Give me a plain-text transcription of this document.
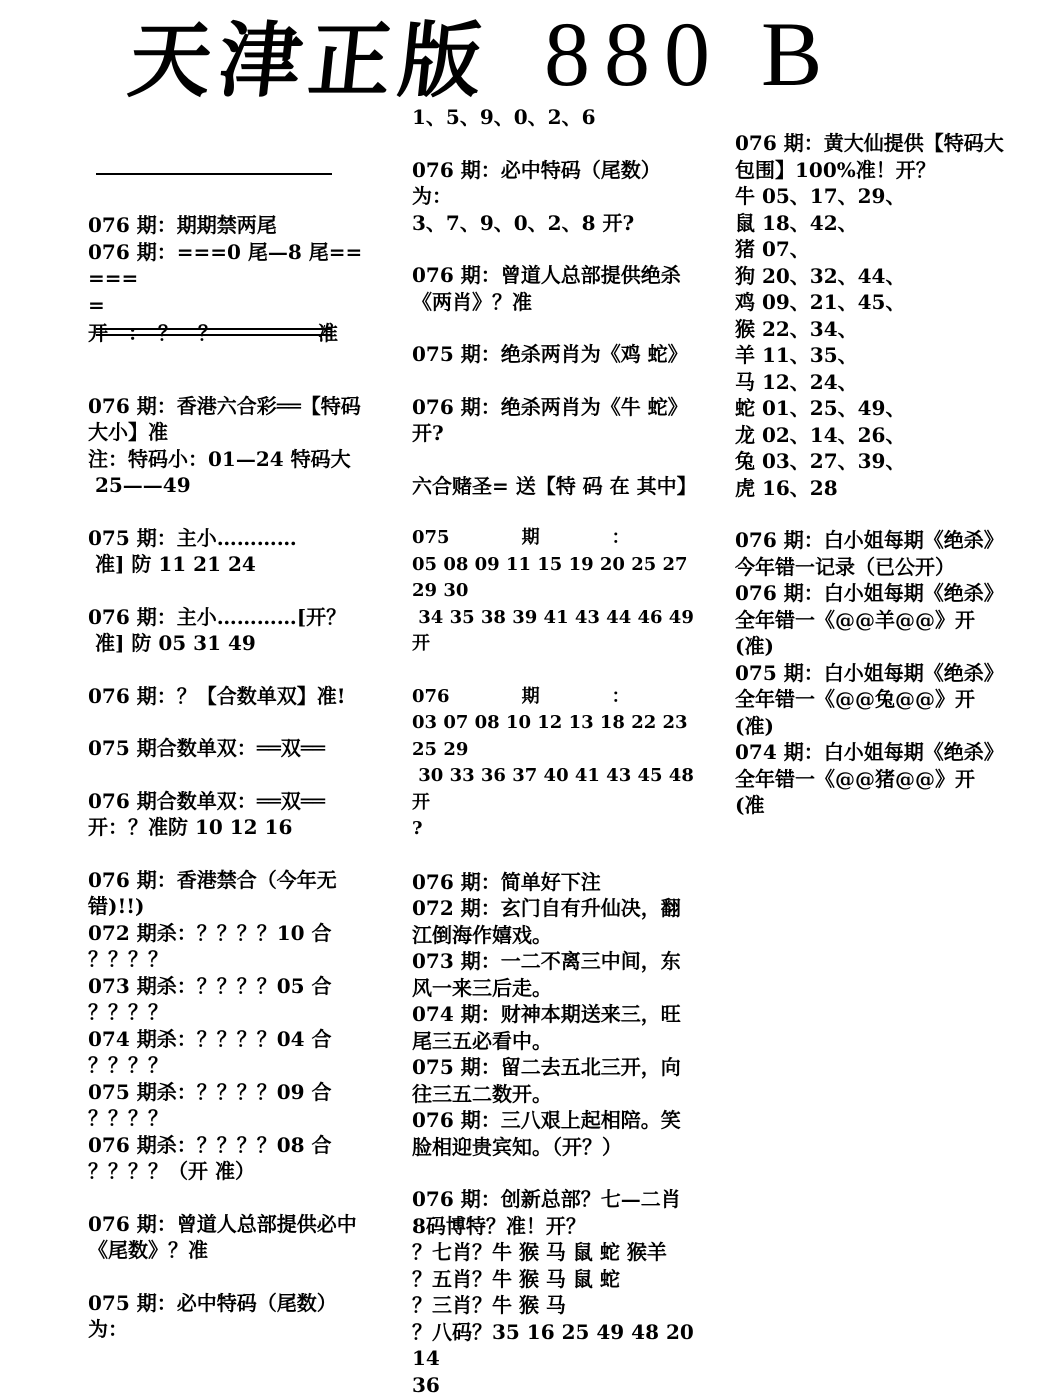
天津正版 880 B

076 期：期期禁两尾

076 期：===0 尾—8 尾=====
=

开　：　？　？　　　　　准

076 期：香港六合彩══【特码大小】准
注：特码小：01—24 特码大
25——49

075 期：主小…………
准] 防 11 21 24

076 期：主小…………[开？
准] 防 05 31 49

076 期：？【合数单双】准!

075 期合数单双：══双══

076 期合数单双：══双══
开：？准防 10 12 16

076 期：香港禁合（今年无错)!!)
072 期杀：？？？？10 合
？？？？
073 期杀：？？？？05 合
？？？？
074 期杀：？？？？04 合
？？？？
075 期杀：？？？？09 合
？？？？
076 期杀：？？？？08 合
？？？？（开 准）

076 期：曾道人总部提供必中《尾数》？准

075 期：必中特码（尾数）为：

1、5、9、0、2、6

076 期：必中特码（尾数）为：
3、7、9、0、2、8 开?

076 期：曾道人总部提供绝杀《两肖》？准

075 期：绝杀两肖为《鸡 蛇》

076 期：绝杀两肖为《牛 蛇》
开?

六合赌圣= 送【特 码 在 其中】

075　　　　期　　　　：
05 08 09 11 15 19 20 25 27 29 30
34 35 38 39 41 43 44 46 49　开

076　　　　期　　　　：
03 07 08 10 12 13 18 22 23 25 29
30 33 36 37 40 41 43 45 48　开
?

076 期：简单好下注
072 期：玄门自有升仙决，翻江倒海作嬉戏。
073 期：一二不离三中间，东风一来三后走。
074 期：财神本期送来三，旺尾三五必看中。
075 期：留二去五北三开，向往三五二数开。
076 期：三八艰上起相陪。笑脸相迎贵宾知。（开？）

076 期：创新总部？七—二肖 8码博特？准！开？
？七肖？牛 猴 马 鼠 蛇 猴羊
？五肖？牛 猴 马 鼠 蛇
？三肖？牛 猴 马
？八码？35 16 25 49 48 20 14
36

076 期：黄大仙提供【特码大包围】100%准！开？
牛 05、17、29、
鼠 18、42、
猪 07、
狗 20、32、44、
鸡 09、21、45、
猴 22、34、
羊 11、35、
马 12、24、
蛇 01、25、49、
龙 02、14、26、
兔 03、27、39、
虎 16、28

076 期：白小姐每期《绝杀》今年错一记录（已公开）
076 期：白小姐每期《绝杀》全年错一《@@羊@@》开
(准)
075 期：白小姐每期《绝杀》全年错一《@@兔@@》开
(准)
074 期：白小姐每期《绝杀》全年错一《@@猪@@》开
(准
